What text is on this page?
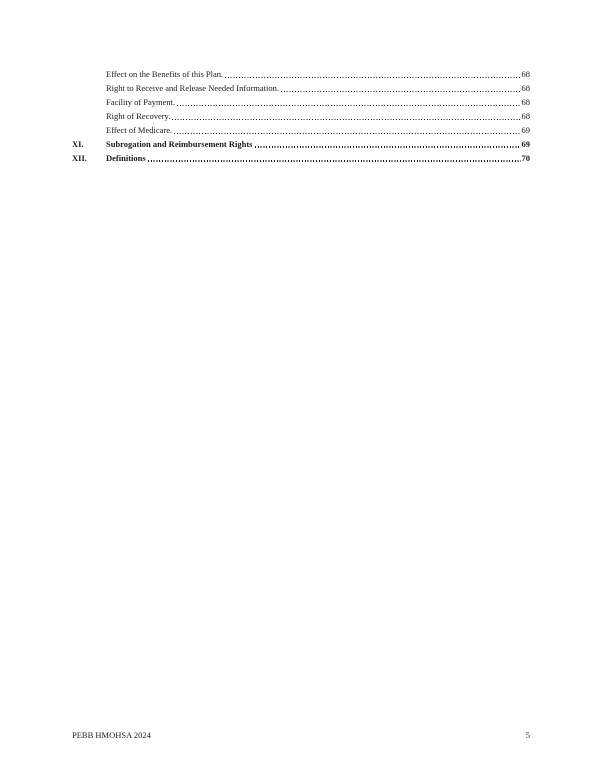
Effect on the Benefits of this Plan.	68
Right to Receive and Release Needed Information.	68
Facility of Payment.	68
Right of Recovery.	68
Effect of Medicare.	69
XI.	Subrogation and Reimbursement Rights	69
XII.	Definitions	70
PEBB HMOHSA 2024	5
